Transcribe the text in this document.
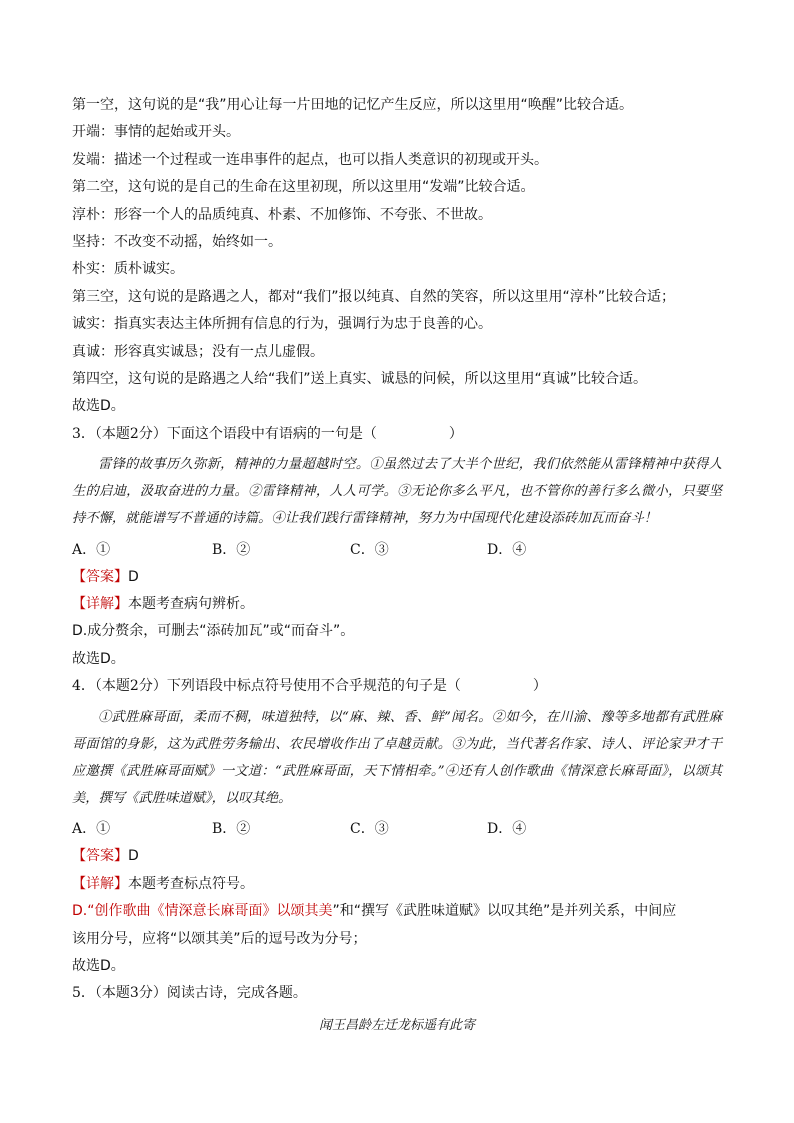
第一空，这句说的是“我”用心让每一片田地的记忆产生反应，所以这里用“唤醒”比较合适。
开端：事情的起始或开头。
发端：描述一个过程或一连串事件的起点，也可以指人类意识的初现或开头。
第二空，这句说的是自己的生命在这里初现，所以这里用“发端”比较合适。
淳朴：形容一个人的品质纯真、朴素、不加修饰、不夸张、不世故。
坚持：不改变不动摇，始终如一。
朴实：质朴诚实。
第三空，这句说的是路遇之人，都对“我们”报以纯真、自然的笑容，所以这里用“淳朴”比较合适；
诚实：指真实表达主体所拥有信息的行为，强调行为忠于良善的心。
真诚：形容真实诚恳；没有一点儿虚假。
第四空，这句说的是路遇之人给“我们”送上真实、诚恳的问候，所以这里用“真诚”比较合适。
故选D。
3．（本题2分）下面这个语段中有语病的一句是（	）
雷锋的故事历久弥新，精神的力量超越时空。①虽然过去了大半个世纪，我们依然能从雷锋精神中获得人生的启迪，汲取奋进的力量。②雷锋精神，人人可学。③无论你多么平凡，也不管你的善行多么微小，只要坚持不懈，就能谱写不普通的诗篇。④让我们践行雷锋精神，努力为中国现代化建设添砖加瓦而奋斗！
A．①	B．②	C．③	D．④
【答案】D
【详解】本题考查病句辨析。
D.成分赘余，可删去“添砖加瓦”或“而奋斗”。
故选D。
4．（本题2分）下列语段中标点符号使用不合乎规范的句子是（	）
①武胜麻哥面，柔而不稠，味道独特，以“麻、辣、香、鲜”闻名。②如今，在川渝、豫等多地都有武胜麻哥面馆的身影，这为武胜劳务输出、农民增收作出了卓越贡献。③为此，当代著名作家、诗人、评论家尹才干应邀撰《武胜麻哥面赋》一文道：“武胜麻哥面，天下情相牵。”④还有人创作歌曲《情深意长麻哥面》，以颂其美，撰写《武胜味道赋》，以叹其绝。
A．①	B．②	C．③	D．④
【答案】D
【详解】本题考查标点符号。
D.“创作歌曲《情深意长麻哥面》以颂其美”和“撰写《武胜味道赋》以叹其绝”是并列关系，中间应
该用分号，应将“以颂其美”后的逗号改为分号；
故选D。
5．（本题3分）阅读古诗，完成各题。
闻王昌龄左迁龙标遥有此寄
